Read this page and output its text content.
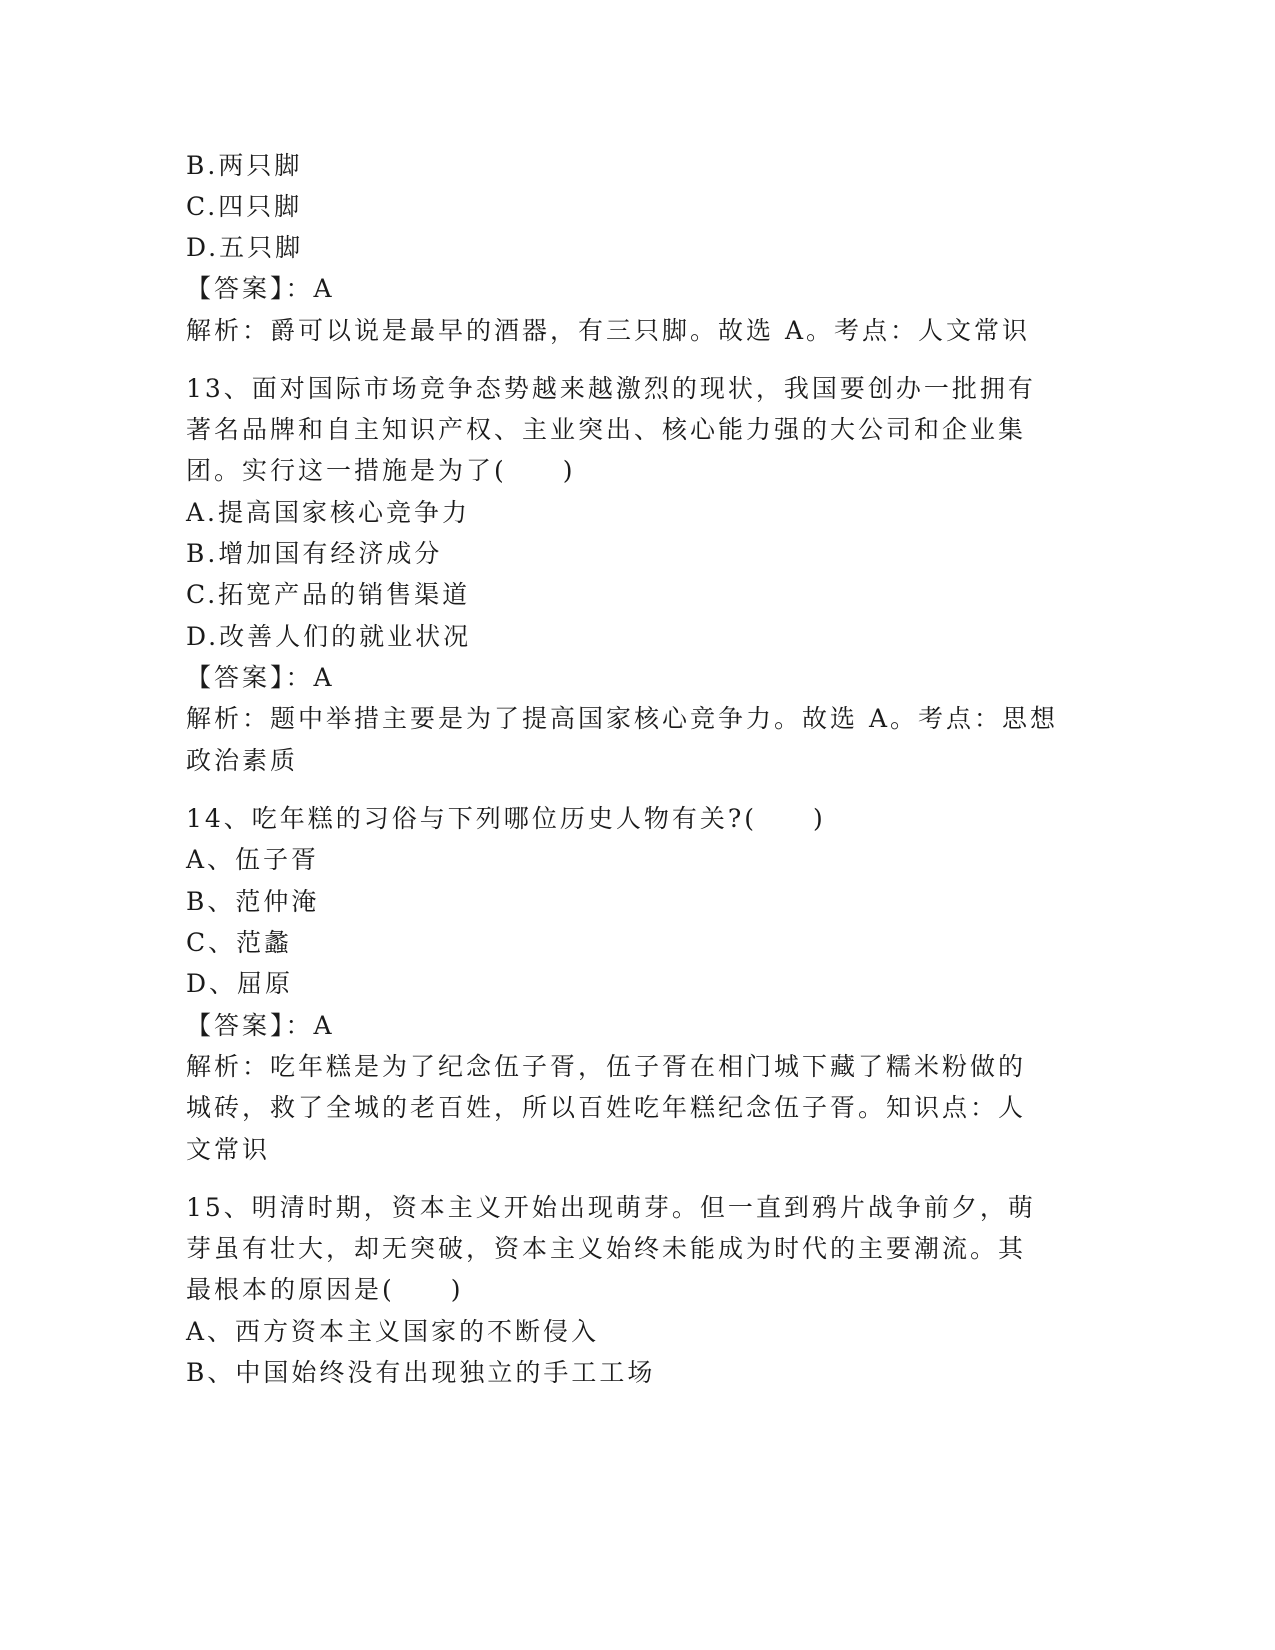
B.两只脚
C.四只脚
D.五只脚
【答案】：A
解析：爵可以说是最早的酒器，有三只脚。故选 A。考点：人文常识
13、面对国际市场竞争态势越来越激烈的现状，我国要创办一批拥有
著名品牌和自主知识产权、主业突出、核心能力强的大公司和企业集
团。实行这一措施是为了(　　)
A.提高国家核心竞争力
B.增加国有经济成分
C.拓宽产品的销售渠道
D.改善人们的就业状况
【答案】：A
解析：题中举措主要是为了提高国家核心竞争力。故选 A。考点：思想
政治素质
14、吃年糕的习俗与下列哪位历史人物有关?(　　)
A、伍子胥
B、范仲淹
C、范蠡
D、屈原
【答案】：A
解析：吃年糕是为了纪念伍子胥，伍子胥在相门城下藏了糯米粉做的
城砖，救了全城的老百姓，所以百姓吃年糕纪念伍子胥。知识点：人
文常识
15、明清时期，资本主义开始出现萌芽。但一直到鸦片战争前夕，萌
芽虽有壮大，却无突破，资本主义始终未能成为时代的主要潮流。其
最根本的原因是(　　)
A、西方资本主义国家的不断侵入
B、中国始终没有出现独立的手工工场
